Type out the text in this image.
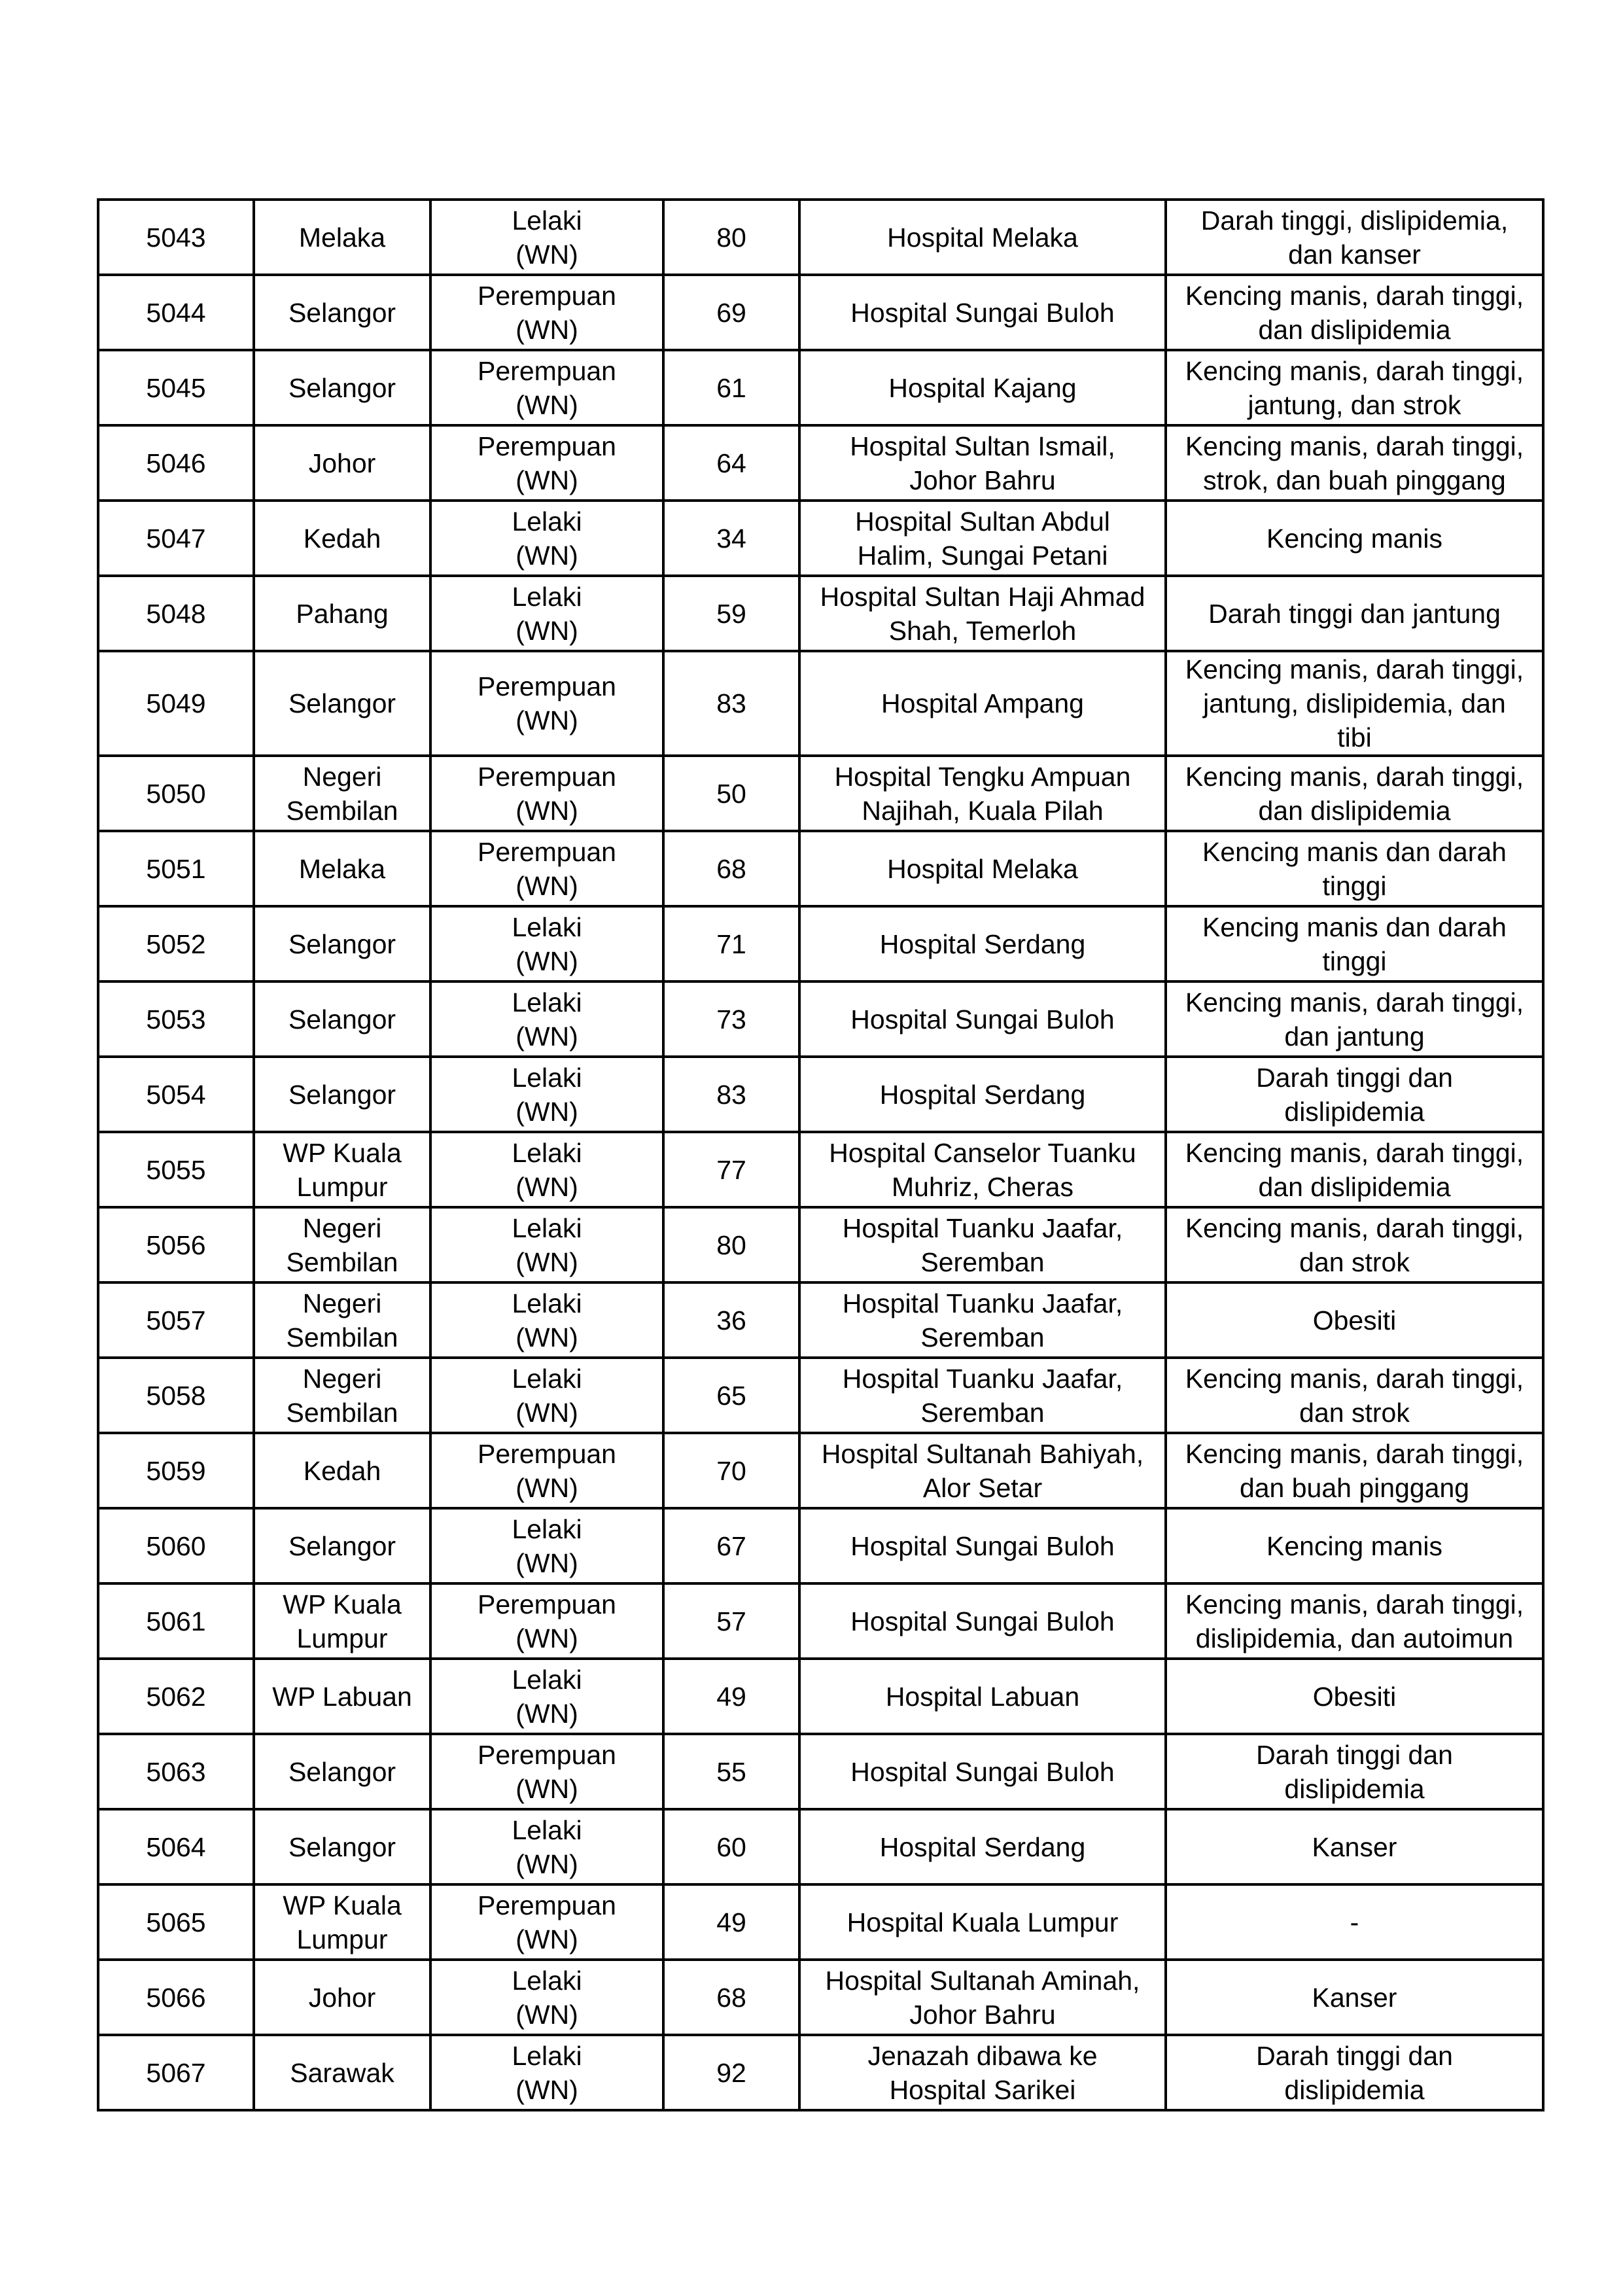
5043	Melaka	Lelaki
(WN)	80	Hospital Melaka	Darah tinggi, dislipidemia,
dan kanser
5044	Selangor	Perempuan
(WN)	69	Hospital Sungai Buloh	Kencing manis, darah tinggi,
dan dislipidemia
5045	Selangor	Perempuan
(WN)	61	Hospital Kajang	Kencing manis, darah tinggi,
jantung, dan strok
5046	Johor	Perempuan
(WN)	64	Hospital Sultan Ismail,
Johor Bahru	Kencing manis, darah tinggi,
strok, dan buah pinggang
5047	Kedah	Lelaki
(WN)	34	Hospital Sultan Abdul
Halim, Sungai Petani	Kencing manis
5048	Pahang	Lelaki
(WN)	59	Hospital Sultan Haji Ahmad
Shah, Temerloh	Darah tinggi dan jantung
5049	Selangor	Perempuan
(WN)	83	Hospital Ampang	Kencing manis, darah tinggi,
jantung, dislipidemia, dan
tibi
5050	Negeri
Sembilan	Perempuan
(WN)	50	Hospital Tengku Ampuan
Najihah, Kuala Pilah	Kencing manis, darah tinggi,
dan dislipidemia
5051	Melaka	Perempuan
(WN)	68	Hospital Melaka	Kencing manis dan darah
tinggi
5052	Selangor	Lelaki
(WN)	71	Hospital Serdang	Kencing manis dan darah
tinggi
5053	Selangor	Lelaki
(WN)	73	Hospital Sungai Buloh	Kencing manis, darah tinggi,
dan jantung
5054	Selangor	Lelaki
(WN)	83	Hospital Serdang	Darah tinggi dan
dislipidemia
5055	WP Kuala
Lumpur	Lelaki
(WN)	77	Hospital Canselor Tuanku
Muhriz, Cheras	Kencing manis, darah tinggi,
dan dislipidemia
5056	Negeri
Sembilan	Lelaki
(WN)	80	Hospital Tuanku Jaafar,
Seremban	Kencing manis, darah tinggi,
dan strok
5057	Negeri
Sembilan	Lelaki
(WN)	36	Hospital Tuanku Jaafar,
Seremban	Obesiti
5058	Negeri
Sembilan	Lelaki
(WN)	65	Hospital Tuanku Jaafar,
Seremban	Kencing manis, darah tinggi,
dan strok
5059	Kedah	Perempuan
(WN)	70	Hospital Sultanah Bahiyah,
Alor Setar	Kencing manis, darah tinggi,
dan buah pinggang
5060	Selangor	Lelaki
(WN)	67	Hospital Sungai Buloh	Kencing manis
5061	WP Kuala
Lumpur	Perempuan
(WN)	57	Hospital Sungai Buloh	Kencing manis, darah tinggi,
dislipidemia, dan autoimun
5062	WP Labuan	Lelaki
(WN)	49	Hospital Labuan	Obesiti
5063	Selangor	Perempuan
(WN)	55	Hospital Sungai Buloh	Darah tinggi dan
dislipidemia
5064	Selangor	Lelaki
(WN)	60	Hospital Serdang	Kanser
5065	WP Kuala
Lumpur	Perempuan
(WN)	49	Hospital Kuala Lumpur	-
5066	Johor	Lelaki
(WN)	68	Hospital Sultanah Aminah,
Johor Bahru	Kanser
5067	Sarawak	Lelaki
(WN)	92	Jenazah dibawa ke
Hospital Sarikei	Darah tinggi dan
dislipidemia
